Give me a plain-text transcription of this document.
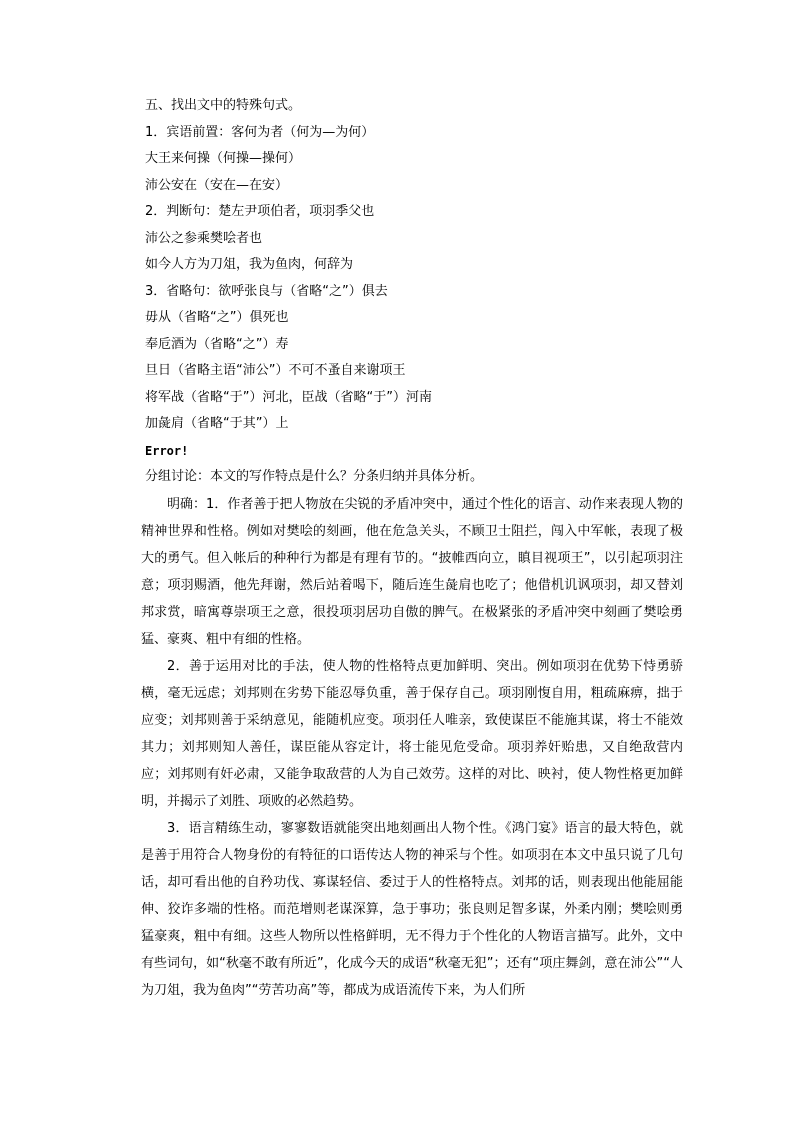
五、找出文中的特殊句式。
1．宾语前置：客何为者（何为—为何）
大王来何操（何操—操何）
沛公安在（安在—在安）
2．判断句：楚左尹项伯者，项羽季父也
沛公之参乘樊哙者也
如今人方为刀俎，我为鱼肉，何辞为
3．省略句：欲呼张良与（省略“之”）俱去
毋从（省略“之”）俱死也
奉卮酒为（省略“之”）寿
旦日（省略主语“沛公”）不可不蚤自来谢项王
将军战（省略“于”）河北，臣战（省略“于”）河南
加彘肩（省略“于其”）上
Error!
分组讨论：本文的写作特点是什么？分条归纳并具体分析。

明确：1．作者善于把人物放在尖锐的矛盾冲突中，通过个性化的语言、动作来表现人物的精神世界和性格。例如对樊哙的刻画，他在危急关头，不顾卫士阻拦，闯入中军帐，表现了极大的勇气。但入帐后的种种行为都是有理有节的。“披帷西向立，瞋目视项王”，以引起项羽注意；项羽赐酒，他先拜谢，然后站着喝下，随后连生彘肩也吃了；他借机讥讽项羽，却又替刘邦求赏，暗寓尊崇项王之意，很投项羽居功自傲的脾气。在极紧张的矛盾冲突中刻画了樊哙勇猛、豪爽、粗中有细的性格。

2．善于运用对比的手法，使人物的性格特点更加鲜明、突出。例如项羽在优势下恃勇骄横，毫无远虑；刘邦则在劣势下能忍辱负重，善于保存自己。项羽刚愎自用，粗疏麻痹，拙于应变；刘邦则善于采纳意见，能随机应变。项羽任人唯亲，致使谋臣不能施其谋，将士不能效其力；刘邦则知人善任，谋臣能从容定计，将士能见危受命。项羽养奸贻患，又自绝敌营内应；刘邦则有奸必肃，又能争取敌营的人为自己效劳。这样的对比、映衬，使人物性格更加鲜明，并揭示了刘胜、项败的必然趋势。

3．语言精练生动，寥寥数语就能突出地刻画出人物个性。《鸿门宴》语言的最大特色，就是善于用符合人物身份的有特征的口语传达人物的神采与个性。如项羽在本文中虽只说了几句话，却可看出他的自矜功伐、寡谋轻信、委过于人的性格特点。刘邦的话，则表现出他能屈能伸、狡诈多端的性格。而范增则老谋深算，急于事功；张良则足智多谋，外柔内刚；樊哙则勇猛豪爽，粗中有细。这些人物所以性格鲜明，无不得力于个性化的人物语言描写。此外，文中有些词句，如“秋毫不敢有所近”，化成今天的成语“秋毫无犯”；还有“项庄舞剑，意在沛公”“人为刀俎，我为鱼肉”“劳苦功高”等，都成为成语流传下来，为人们所
